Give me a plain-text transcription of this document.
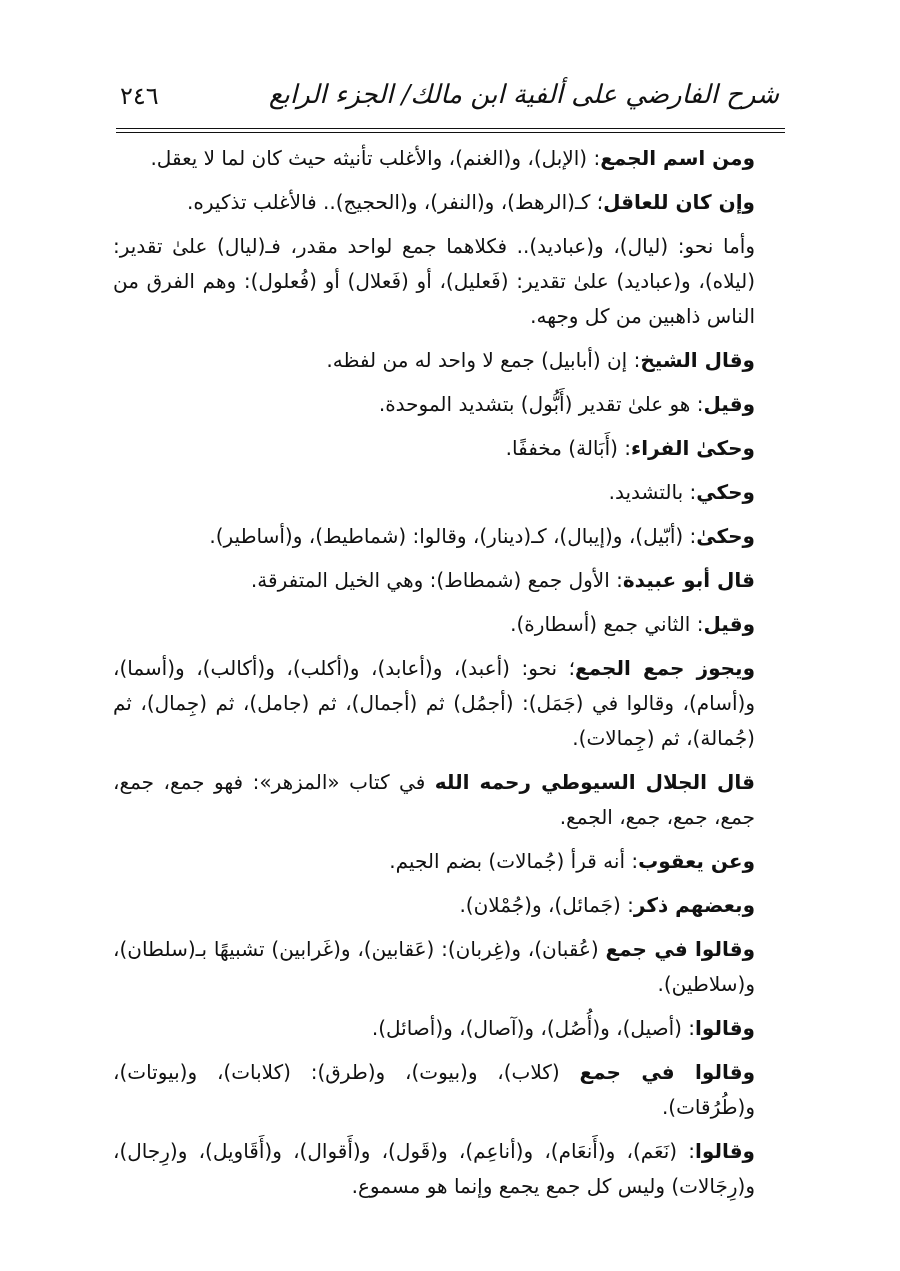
شرح الفارضي على ألفية ابن مالك/ الجزء الرابع
٢٤٦

ومن اسم الجمع: (الإبل)، و(الغنم)، والأغلب تأنيثه حيث كان لما لا يعقل.

وإن كان للعاقل؛ كـ(الرهط)، و(النفر)، و(الحجيج).. فالأغلب تذكيره.

وأما نحو: (ليال)، و(عباديد).. فكلاهما جمع لواحد مقدر، فـ(ليال) علىٰ تقدير: (ليلاه)، و(عباديد) علىٰ تقدير: (فَعليل)، أو (فَعلال) أو (فُعلول): وهم الفرق من الناس ذاهبين من كل وجهه.

وقال الشيخ: إن (أبابيل) جمع لا واحد له من لفظه.

وقيل: هو علىٰ تقدير (أَبُّول) بتشديد الموحدة.

وحكىٰ الفراء: (أَبَالة) مخففًا.

وحكي: بالتشديد.

وحكىٰ: (أبّيل)، و(إيبال)، كـ(دينار)، وقالوا: (شماطيط)، و(أساطير).

قال أبو عبيدة: الأول جمع (شمطاط): وهي الخيل المتفرقة.

وقيل: الثاني جمع (أسطارة).

ويجوز جمع الجمع؛ نحو: (أعبد)، و(أعابد)، و(أكلب)، و(أكالب)، و(أسما)، و(أسام)، وقالوا في (جَمَل): (أجمُل) ثم (أجمال)، ثم (جامل)، ثم (جِمال)، ثم (جُمالة)، ثم (جِمالات).

قال الجلال السيوطي رحمه الله في كتاب «المزهر»: فهو جمع، جمع، جمع، جمع، جمع، الجمع.

وعن يعقوب: أنه قرأ (جُمالات) بضم الجيم.

وبعضهم ذكر: (جَمائل)، و(جُمْلان).

وقالوا في جمع (عُقبان)، و(غِربان): (عَقابين)، و(غَرابين) تشبيهًا بـ(سلطان)، و(سلاطين).

وقالوا: (أصيل)، و(أُصُل)، و(آصال)، و(أصائل).

وقالوا في جمع (كلاب)، و(بيوت)، و(طرق): (كلابات)، و(بيوتات)، و(طُرُقات).

وقالوا: (نَعَم)، و(أَنعَام)، و(أناعِم)، و(قَول)، و(أَقوال)، و(أَقَاويل)، و(رِجال)، و(رِجَالات) وليس كل جمع يجمع وإنما هو مسموع.
